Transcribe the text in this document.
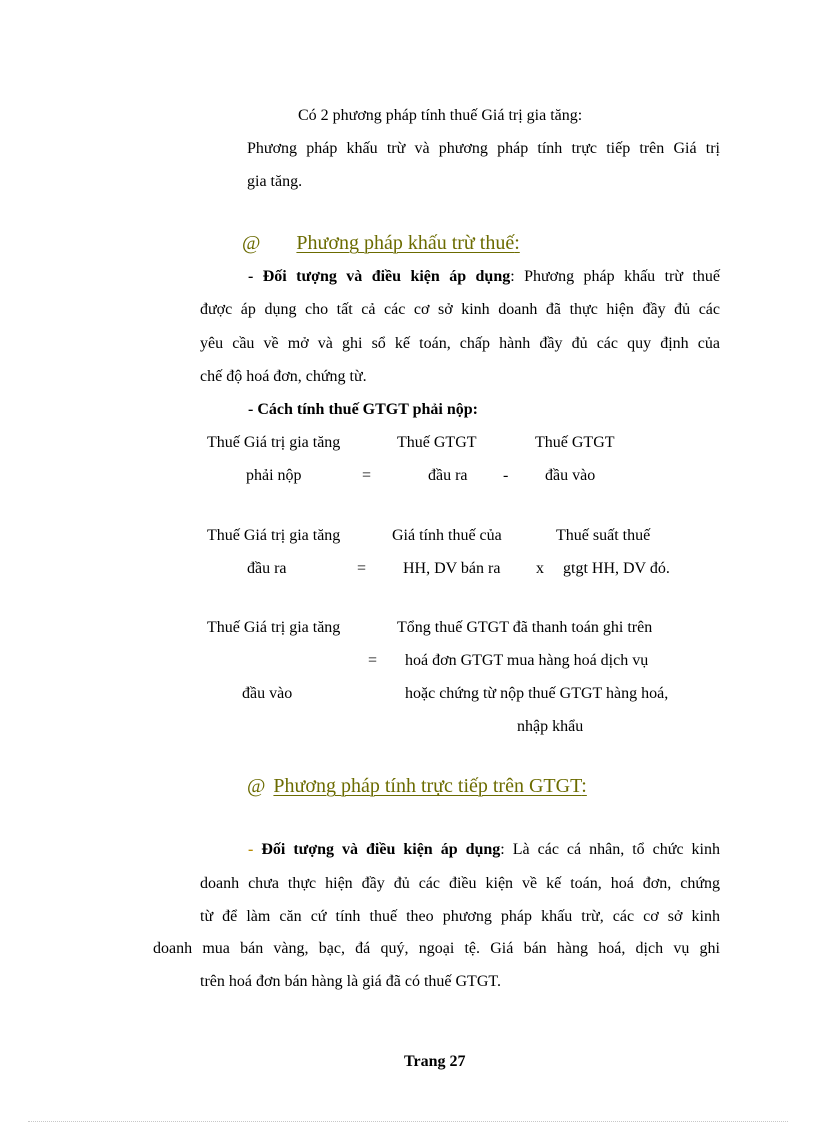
Có 2 phương pháp tính thuế Giá trị gia tăng:
Phương pháp khấu trừ và phương pháp tính trực tiếp trên Giá trị
gia tăng.
@ Phương pháp khấu trừ thuế:
- Đối tượng và điều kiện áp dụng: Phương pháp khấu trừ thuế
được áp dụng cho tất cả các cơ sở kinh doanh đã thực hiện đầy đủ các
yêu cầu về mở và ghi sổ kế toán, chấp hành đầy đủ các quy định của
chế độ hoá đơn, chứng từ.
- Cách tính thuế GTGT phải nộp:
Thuế Giá trị gia tăng
phải nộp	=
Thuế GTGT
đầu ra -
Thuế GTGT
đầu vào
Thuế Giá trị gia tăng
đầu ra	=
Giá tính thuế của
HH, DV bán ra x
Thuế suất thuế
gtgt HH, DV đó.
Thuế Giá trị gia tăng
đầu vào
=
Tổng thuế GTGT đã thanh toán ghi trên
hoá đơn GTGT mua hàng hoá dịch vụ
hoặc chứng từ nộp thuế GTGT hàng hoá,
nhập khẩu
@ Phương pháp tính trực tiếp trên GTGT:
- Đối tượng và điều kiện áp dụng: Là các cá nhân, tổ chức kinh
doanh chưa thực hiện đầy đủ các điều kiện về kế toán, hoá đơn, chứng
từ để làm căn cứ tính thuế theo phương pháp khấu trừ, các cơ sở kinh
doanh mua bán vàng, bạc, đá quý, ngoại tệ. Giá bán hàng hoá, dịch vụ ghi
trên hoá đơn bán hàng là giá đã có thuế GTGT.
Trang 27
